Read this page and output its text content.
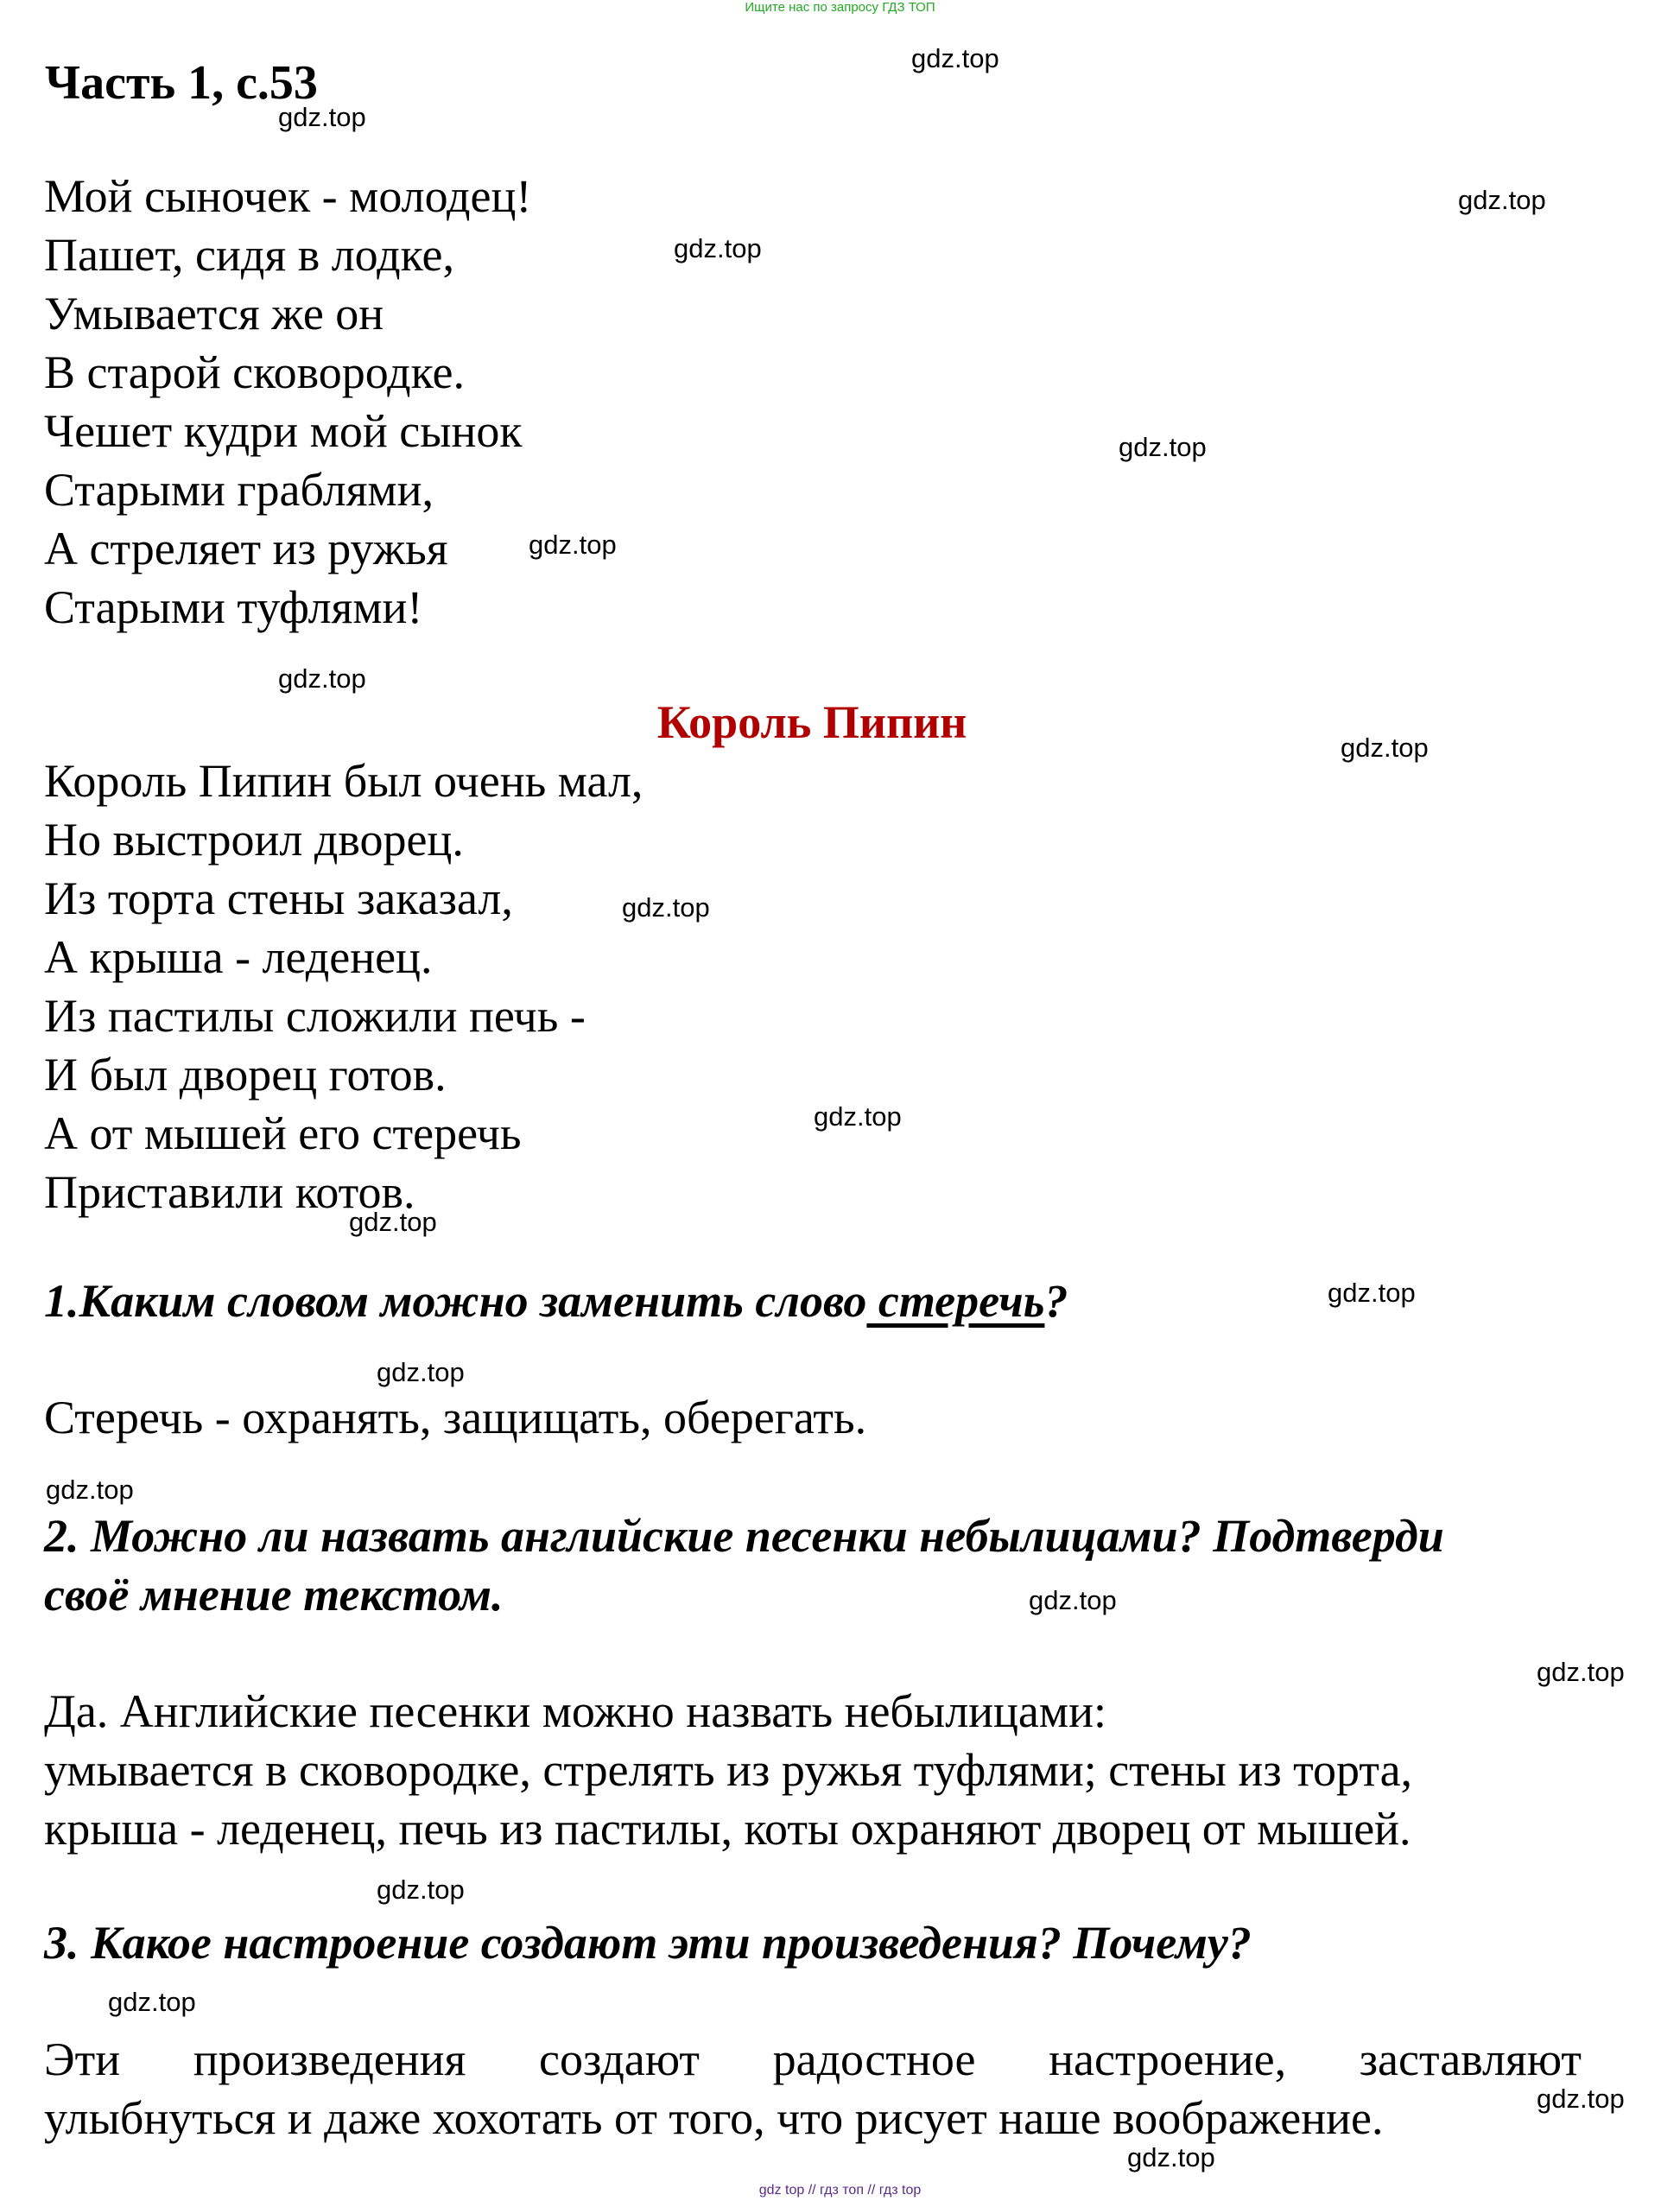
Ищите нас по запросу ГДЗ ТОП
Часть 1, с.53	gdz.top
gdz.top
gdz.top
gdz.top
gdz.top
gdz.top
gdz.top
gdz.top
gdz.top
gdz.top
gdz.top
gdz.top
gdz.top
gdz.top
gdz.top
gdz.top
gdz.top
gdz.top
gdz.top
gdz.top
Мой сыночек - молодец!
Пашет, сидя в лодке,
Умывается же он
В старой сковородке.
Чешет кудри мой сынок
Старыми граблями,
А стреляет из ружья
Старыми туфлями!
Король Пипин
Король Пипин был очень мал,
Но выстроил дворец.
Из торта стены заказал,
А крыша - леденец.
Из пастилы сложили печь -
И был дворец готов.
А от мышей его стеречь
Приставили котов.
1.Каким словом можно заменить слово стеречь?
Стеречь - охранять, защищать, оберегать.
2. Можно ли назвать английские песенки небылицами? Подтверди
своё мнение текстом.
Да. Английские песенки можно назвать небылицами:
умывается в сковородке, стрелять из ружья туфлями; стены из торта,
крыша - леденец, печь из пастилы, коты охраняют дворец от мышей.
3. Какое настроение создают эти произведения? Почему?
Эти произведения создают радостное настроение, заставляют
улыбнуться и даже хохотать от того, что рисует наше воображение.
gdz top // гдз топ // гдз top
